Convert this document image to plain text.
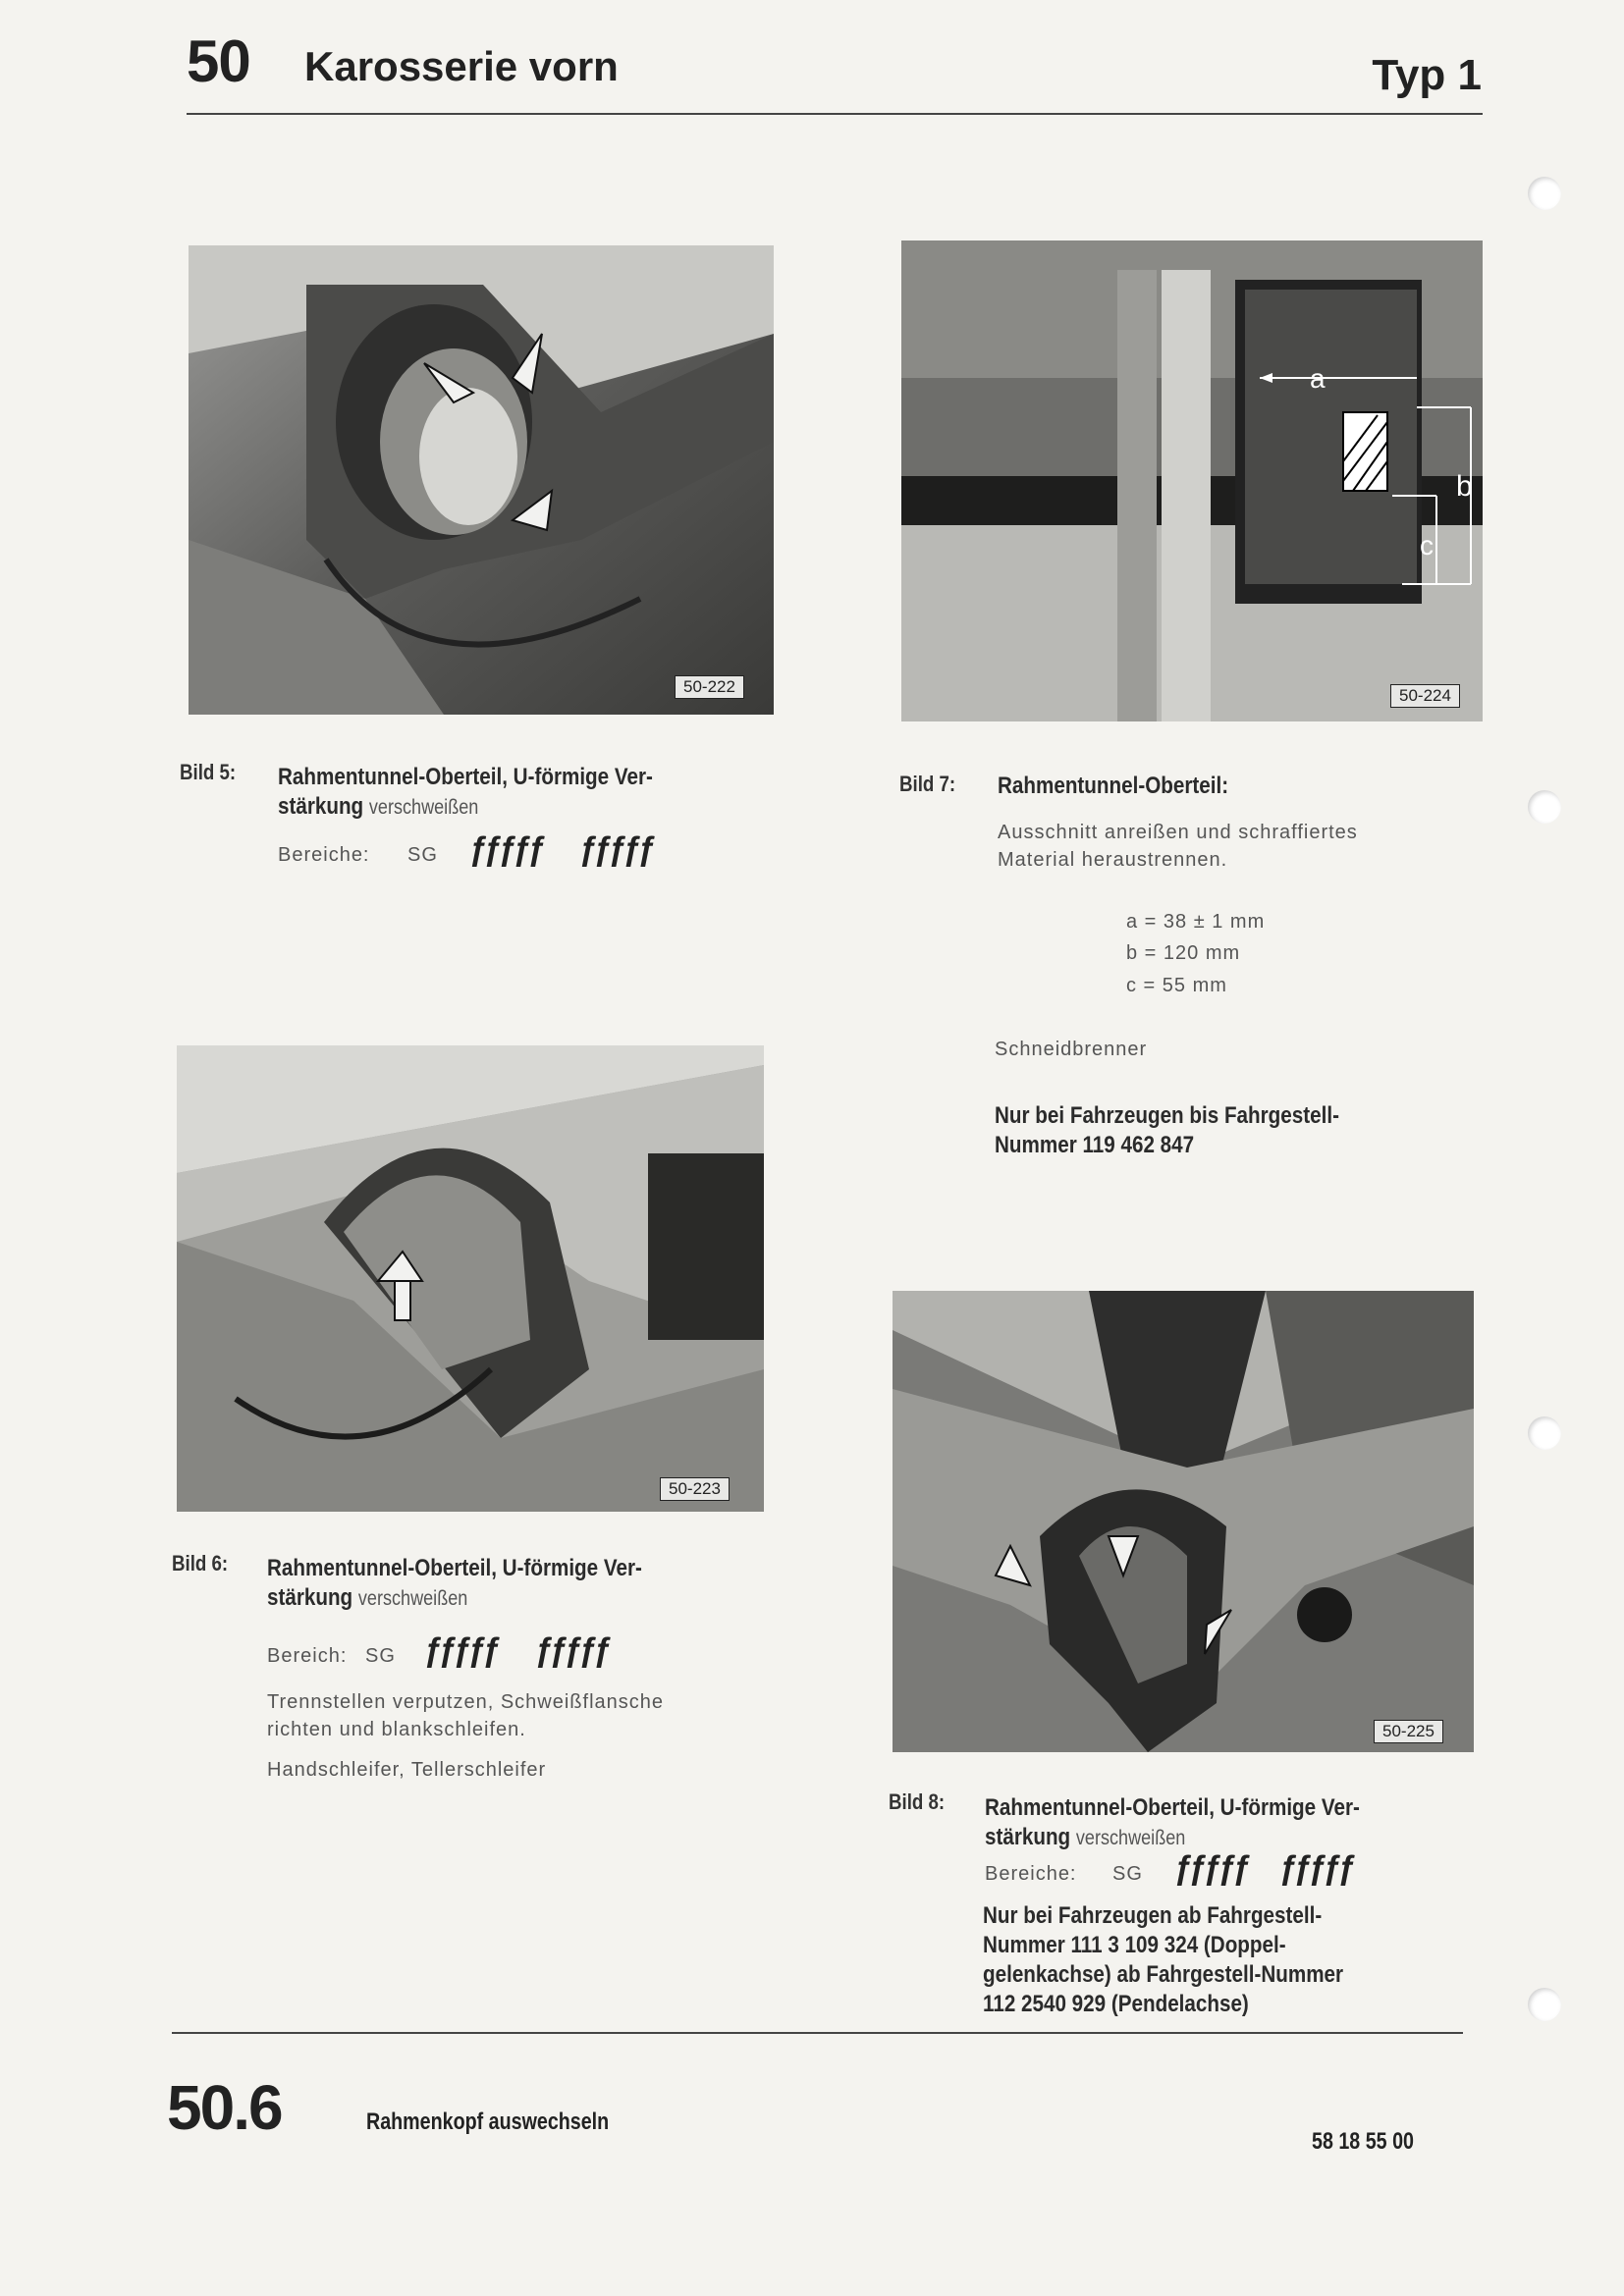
50 Karosserie vorn	Typ 1
50-222
Bild 5: Rahmentunnel-Oberteil, U-förmige Ver-
stärkung verschweißen
Bereiche: SG ƒƒƒƒƒ ƒƒƒƒƒ
a
b
c
50-224
Bild 7: Rahmentunnel-Oberteil:
Ausschnitt anreißen und schraffiertes
Material heraustrennen.
a = 38 ± 1 mm
b = 120 mm
c = 55 mm
Schneidbrenner
Nur bei Fahrzeugen bis Fahrgestell-
Nummer 119 462 847
50-223
Bild 6: Rahmentunnel-Oberteil, U-förmige Ver-
stärkung verschweißen
Bereich: SG ƒƒƒƒƒ ƒƒƒƒƒ
Trennstellen verputzen, Schweißflansche
richten und blankschleifen.
Handschleifer, Tellerschleifer
50-225
Bild 8: Rahmentunnel-Oberteil, U-förmige Ver-
stärkung verschweißen
Bereiche: SG ƒƒƒƒƒ ƒƒƒƒƒ
Nur bei Fahrzeugen ab Fahrgestell-
Nummer 111 3 109 324 (Doppel-
gelenkachse) ab Fahrgestell-Nummer
112 2540 929 (Pendelachse)
50.6	Rahmenkopf auswechseln
58 18 55 00
